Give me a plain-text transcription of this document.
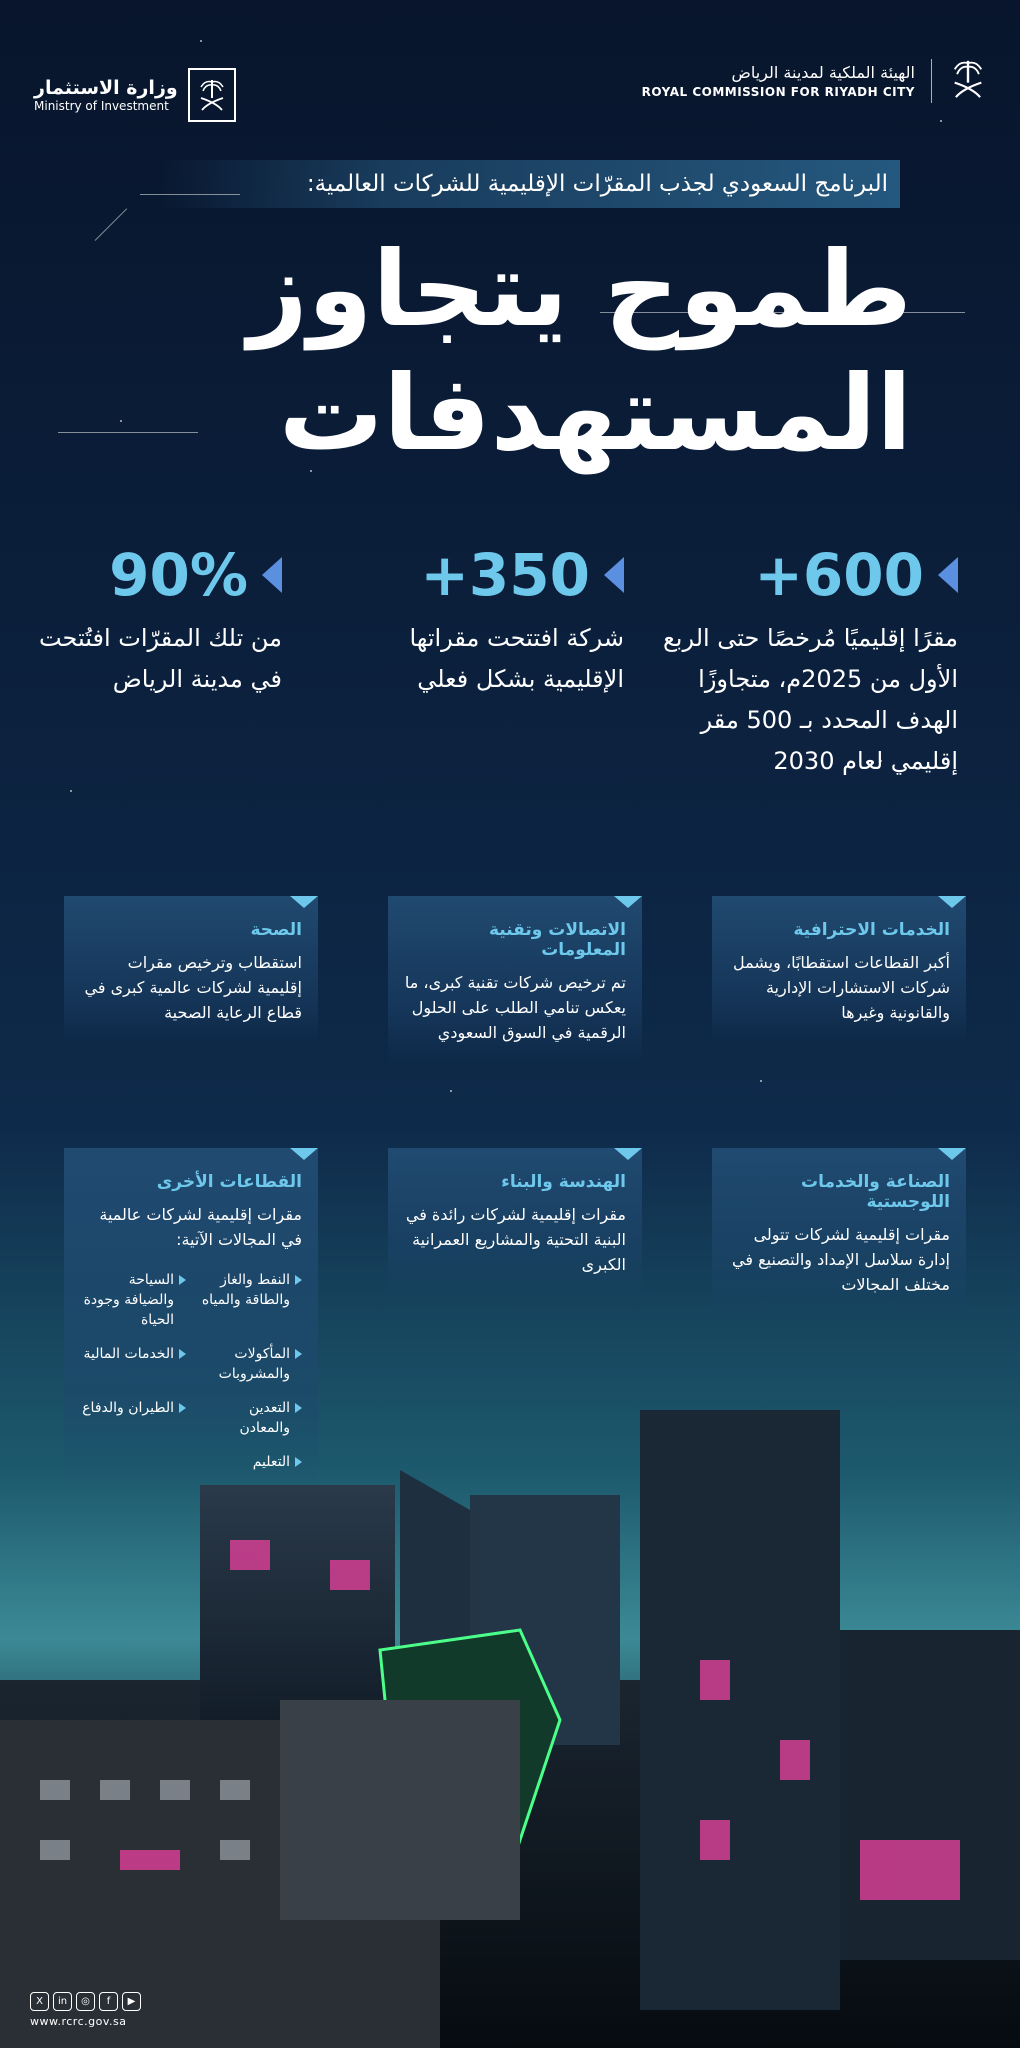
وزارة الاستثمار
Ministry of Investment
الهيئة الملكية لمدينة الرياض
ROYAL COMMISSION FOR RIYADH CITY
البرنامج السعودي لجذب المقرّات الإقليمية للشركات العالمية:
طموح يتجاوز
المستهدفات
+600
مقرًا إقليميًا مُرخصًا حتى الربع الأول من 2025م، متجاوزًا الهدف المحدد بـ 500 مقر إقليمي لعام 2030
+350
شركة افتتحت مقراتها الإقليمية بشكل فعلي
90%
من تلك المقرّات افتُتحت في مدينة الرياض
الخدمات الاحترافية
أكبر القطاعات استقطابًا، ويشمل شركات الاستشارات الإدارية والقانونية وغيرها
الاتصالات وتقنية المعلومات
تم ترخيص شركات تقنية كبرى، ما يعكس تنامي الطلب على الحلول الرقمية في السوق السعودي
الصحة
استقطاب وترخيص مقرات إقليمية لشركات عالمية كبرى في قطاع الرعاية الصحية
الصناعة والخدمات اللوجستية
مقرات إقليمية لشركات تتولى إدارة سلاسل الإمداد والتصنيع في مختلف المجالات
الهندسة والبناء
مقرات إقليمية لشركات رائدة في البنية التحتية والمشاريع العمرانية الكبرى
القطاعات الأخرى
مقرات إقليمية لشركات عالمية في المجالات الآتية:
النفط والغاز والطاقة والمياه
السياحة والضيافة وجودة الحياة
المأكولات والمشروبات
الخدمات المالية
التعدين والمعادن
الطيران والدفاع
التعليم
X	in	◎	f	▶
www.rcrc.gov.sa
